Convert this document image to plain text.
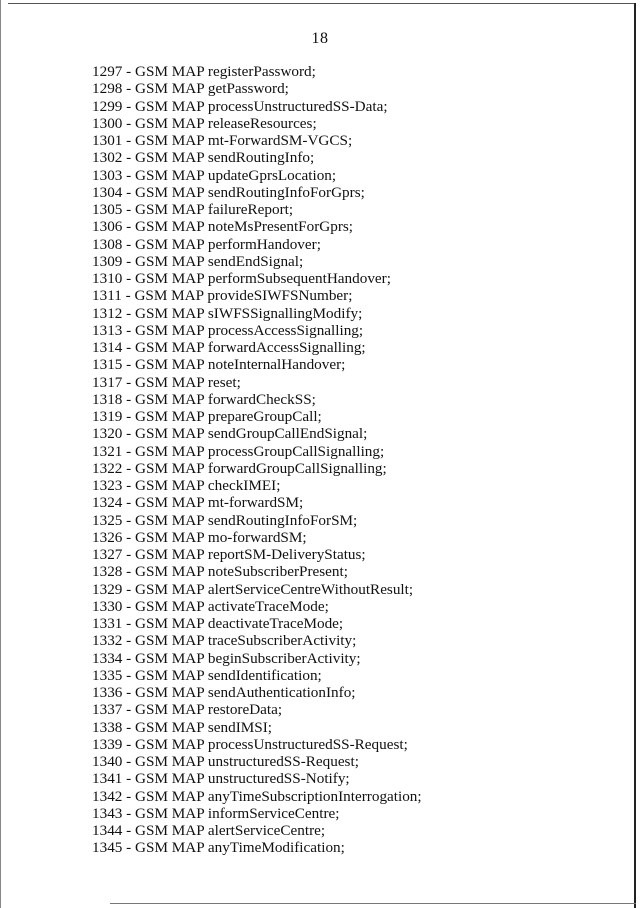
18
1297 - GSM MAP registerPassword;
1298 - GSM MAP getPassword;
1299 - GSM MAP processUnstructuredSS-Data;
1300 - GSM MAP releaseResources;
1301 - GSM MAP mt-ForwardSM-VGCS;
1302 - GSM MAP sendRoutingInfo;
1303 - GSM MAP updateGprsLocation;
1304 - GSM MAP sendRoutingInfoForGprs;
1305 - GSM MAP failureReport;
1306 - GSM MAP noteMsPresentForGprs;
1308 - GSM MAP performHandover;
1309 - GSM MAP sendEndSignal;
1310 - GSM MAP performSubsequentHandover;
1311 - GSM MAP provideSIWFSNumber;
1312 - GSM MAP sIWFSSignallingModify;
1313 - GSM MAP processAccessSignalling;
1314 - GSM MAP forwardAccessSignalling;
1315 - GSM MAP noteInternalHandover;
1317 - GSM MAP reset;
1318 - GSM MAP forwardCheckSS;
1319 - GSM MAP prepareGroupCall;
1320 - GSM MAP sendGroupCallEndSignal;
1321 - GSM MAP processGroupCallSignalling;
1322 - GSM MAP forwardGroupCallSignalling;
1323 - GSM MAP checkIMEI;
1324 - GSM MAP mt-forwardSM;
1325 - GSM MAP sendRoutingInfoForSM;
1326 - GSM MAP mo-forwardSM;
1327 - GSM MAP reportSM-DeliveryStatus;
1328 - GSM MAP noteSubscriberPresent;
1329 - GSM MAP alertServiceCentreWithoutResult;
1330 - GSM MAP activateTraceMode;
1331 - GSM MAP deactivateTraceMode;
1332 - GSM MAP traceSubscriberActivity;
1334 - GSM MAP beginSubscriberActivity;
1335 - GSM MAP sendIdentification;
1336 - GSM MAP sendAuthenticationInfo;
1337 - GSM MAP restoreData;
1338 - GSM MAP sendIMSI;
1339 - GSM MAP processUnstructuredSS-Request;
1340 - GSM MAP unstructuredSS-Request;
1341 - GSM MAP unstructuredSS-Notify;
1342 - GSM MAP anyTimeSubscriptionInterrogation;
1343 - GSM MAP informServiceCentre;
1344 - GSM MAP alertServiceCentre;
1345 - GSM MAP anyTimeModification;
